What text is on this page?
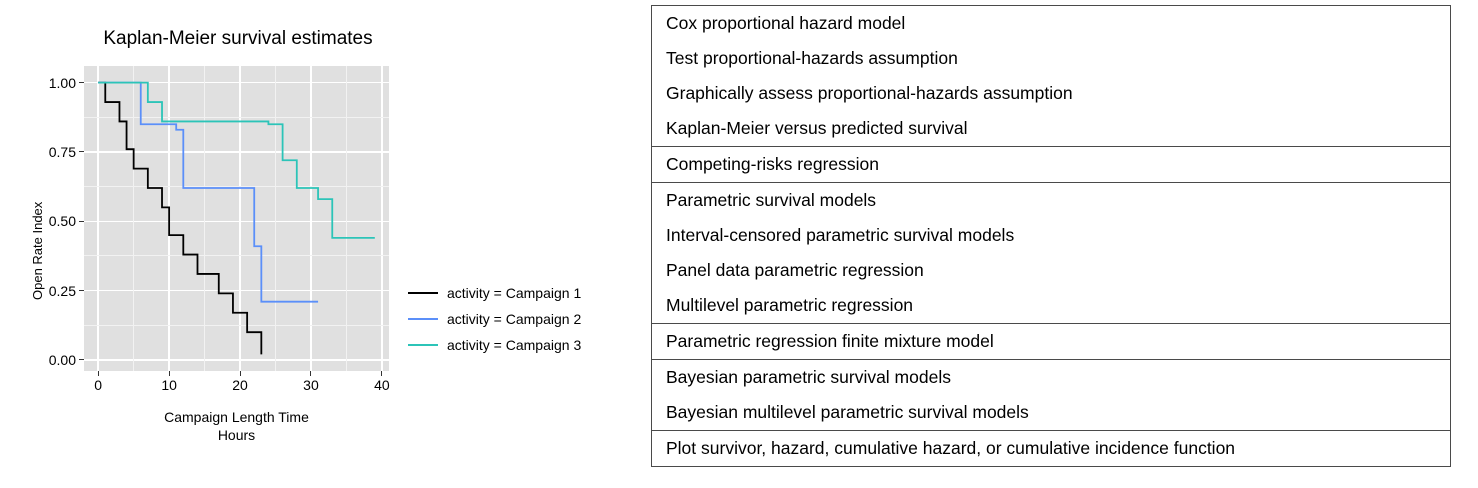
Kaplan-Meier survival estimates
0.00
0.25
0.50
0.75
1.00
0	10	20	30	40
Open Rate Index
Campaign Length Time
Hours
activity = Campaign 1
activity = Campaign 2
activity = Campaign 3
Cox proportional hazard model
Test proportional-hazards assumption
Graphically assess proportional-hazards assumption
Kaplan-Meier versus predicted survival
Competing-risks regression
Parametric survival models
Interval-censored parametric survival models
Panel data parametric regression
Multilevel parametric regression
Parametric regression finite mixture model
Bayesian parametric survival models
Bayesian multilevel parametric survival models
Plot survivor, hazard, cumulative hazard, or cumulative incidence function
